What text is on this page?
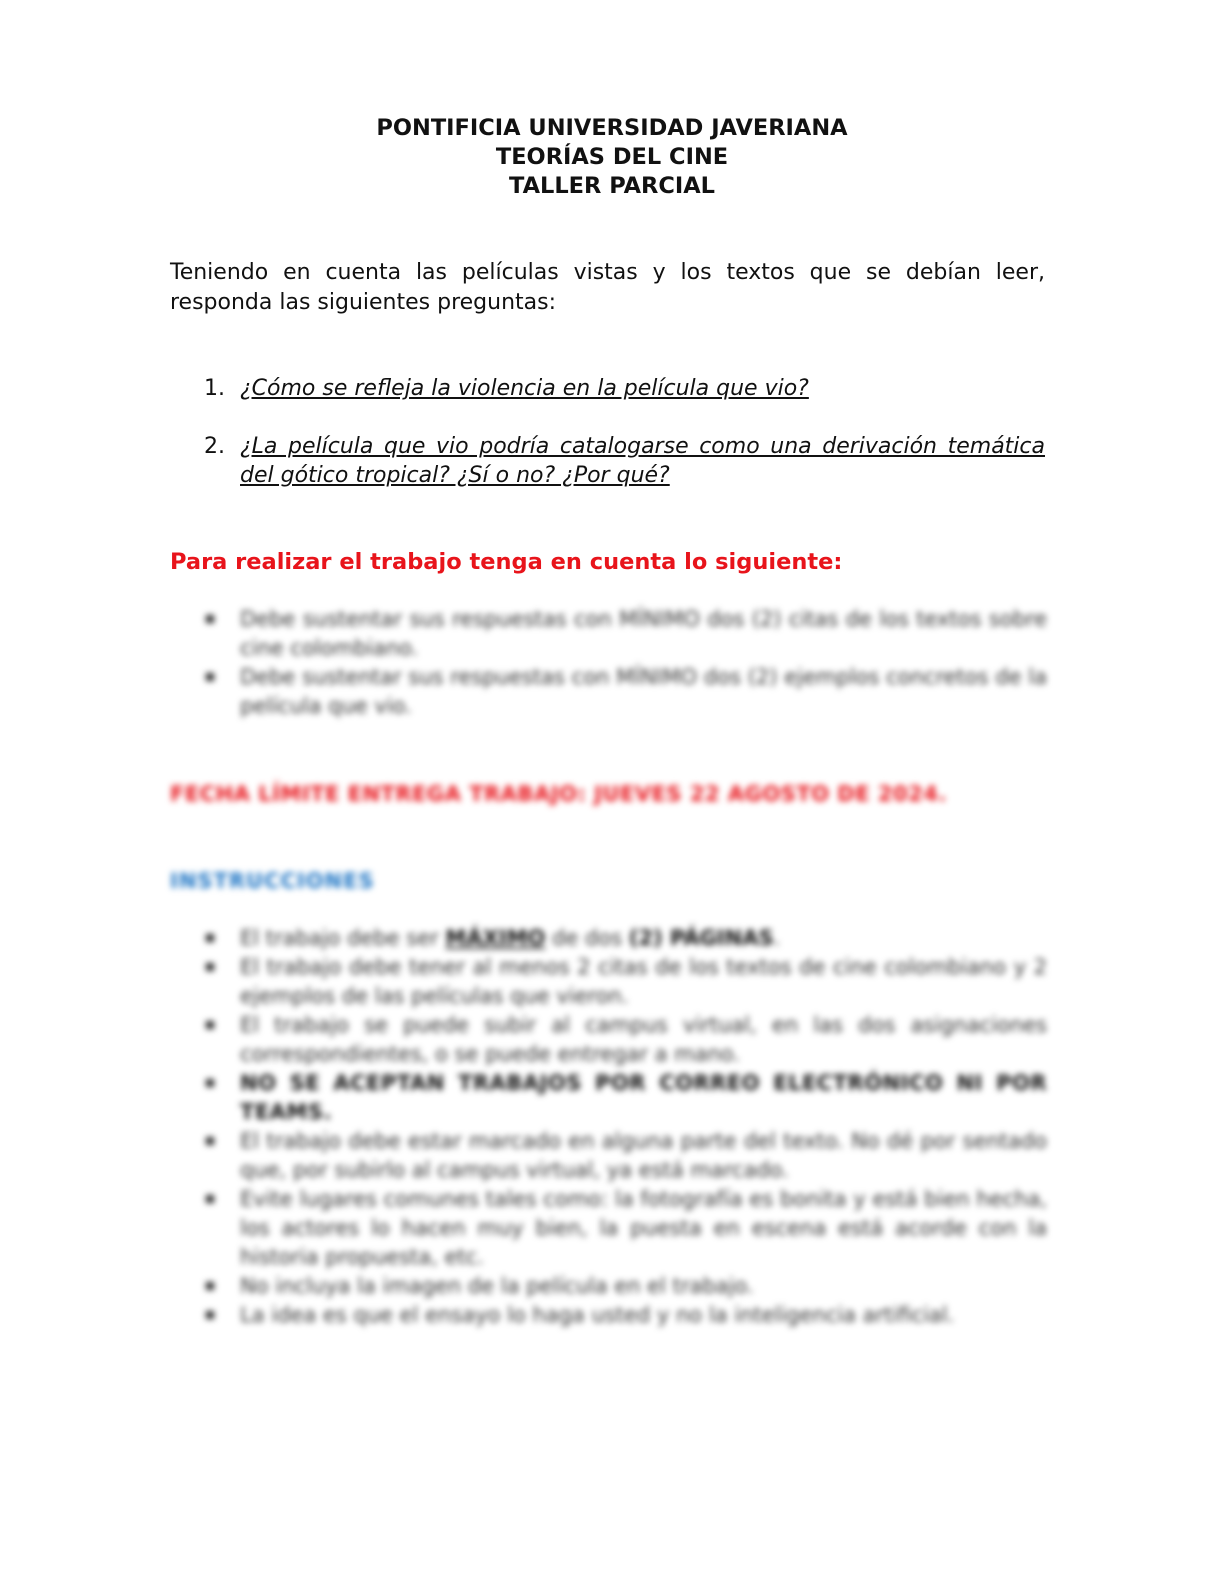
PONTIFICIA UNIVERSIDAD JAVERIANA
TEORÍAS DEL CINE
TALLER PARCIAL

Teniendo en cuenta las películas vistas y los textos que se debían leer, responda las siguientes preguntas:

1. ¿Cómo se refleja la violencia en la película que vio?
2. ¿La película que vio podría catalogarse como una derivación temática del gótico tropical? ¿Sí o no? ¿Por qué?

Para realizar el trabajo tenga en cuenta lo siguiente:

Debe sustentar sus respuestas con MÍNIMO dos (2) citas de los textos sobre cine colombiano.
Debe sustentar sus respuestas con MÍNIMO dos (2) ejemplos concretos de la película que vio.

FECHA LÍMITE ENTREGA TRABAJO: JUEVES 22 AGOSTO DE 2024.

INSTRUCCIONES

El trabajo debe ser MÁXIMO de dos (2) PÁGINAS.
El trabajo debe tener al menos 2 citas de los textos de cine colombiano y 2 ejemplos de las películas que vieron.
El trabajo se puede subir al campus virtual, en las dos asignaciones correspondientes, o se puede entregar a mano.
NO SE ACEPTAN TRABAJOS POR CORREO ELECTRÓNICO NI POR TEAMS.
El trabajo debe estar marcado en alguna parte del texto. No dé por sentado que, por subirlo al campus virtual, ya está marcado.
Evite lugares comunes tales como: la fotografía es bonita y está bien hecha, los actores lo hacen muy bien, la puesta en escena está acorde con la historia propuesta, etc.
No incluya la imagen de la película en el trabajo.
La idea es que el ensayo lo haga usted y no la inteligencia artificial.
